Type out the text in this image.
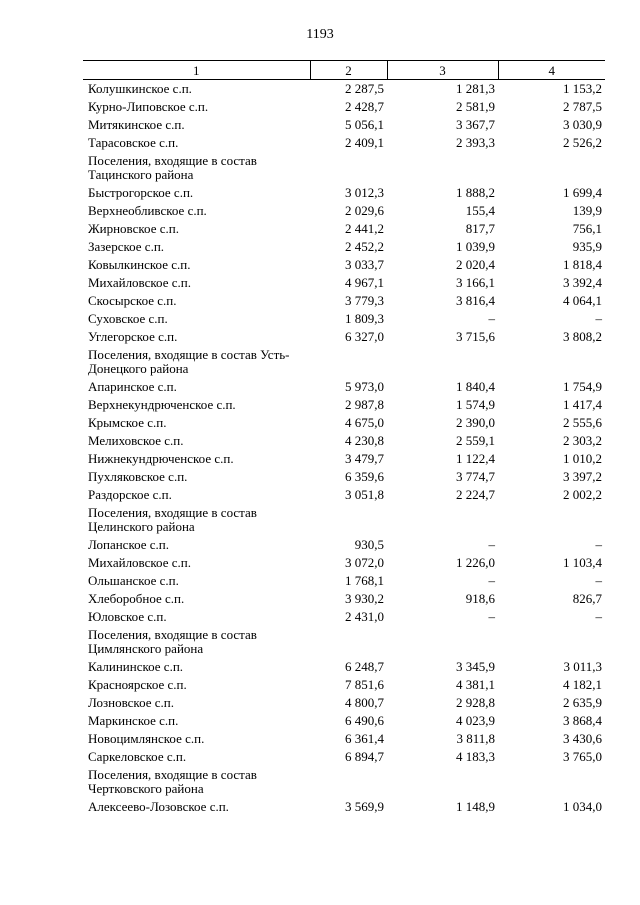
1193
1	2	3	4
Колушкинское с.п.	2 287,5	1 281,3	1 153,2
Курно-Липовское с.п.	2 428,7	2 581,9	2 787,5
Митякинское с.п.	5 056,1	3 367,7	3 030,9
Тарасовское с.п.	2 409,1	2 393,3	2 526,2
Поселения, входящие в состав Тацинского района			
Быстрогорское с.п.	3 012,3	1 888,2	1 699,4
Верхнеобливское с.п.	2 029,6	155,4	139,9
Жирновское с.п.	2 441,2	817,7	756,1
Зазерское с.п.	2 452,2	1 039,9	935,9
Ковылкинское с.п.	3 033,7	2 020,4	1 818,4
Михайловское с.п.	4 967,1	3 166,1	3 392,4
Скосырское с.п.	3 779,3	3 816,4	4 064,1
Суховское с.п.	1 809,3	–	–
Углегорское с.п.	6 327,0	3 715,6	3 808,2
Поселения, входящие в состав Усть-Донецкого района			
Апаринское с.п.	5 973,0	1 840,4	1 754,9
Верхнекундрюченское с.п.	2 987,8	1 574,9	1 417,4
Крымское с.п.	4 675,0	2 390,0	2 555,6
Мелиховское с.п.	4 230,8	2 559,1	2 303,2
Нижнекундрюченское с.п.	3 479,7	1 122,4	1 010,2
Пухляковское с.п.	6 359,6	3 774,7	3 397,2
Раздорское с.п.	3 051,8	2 224,7	2 002,2
Поселения, входящие в состав Целинского района			
Лопанское с.п.	930,5	–	–
Михайловское с.п.	3 072,0	1 226,0	1 103,4
Ольшанское с.п.	1 768,1	–	–
Хлеборобное с.п.	3 930,2	918,6	826,7
Юловское с.п.	2 431,0	–	–
Поселения, входящие в состав Цимлянского района			
Калининское с.п.	6 248,7	3 345,9	3 011,3
Красноярское с.п.	7 851,6	4 381,1	4 182,1
Лозновское с.п.	4 800,7	2 928,8	2 635,9
Маркинское с.п.	6 490,6	4 023,9	3 868,4
Новоцимлянское с.п.	6 361,4	3 811,8	3 430,6
Саркеловское с.п.	6 894,7	4 183,3	3 765,0
Поселения, входящие в состав Чертковского района			
Алексеево-Лозовское с.п.	3 569,9	1 148,9	1 034,0
